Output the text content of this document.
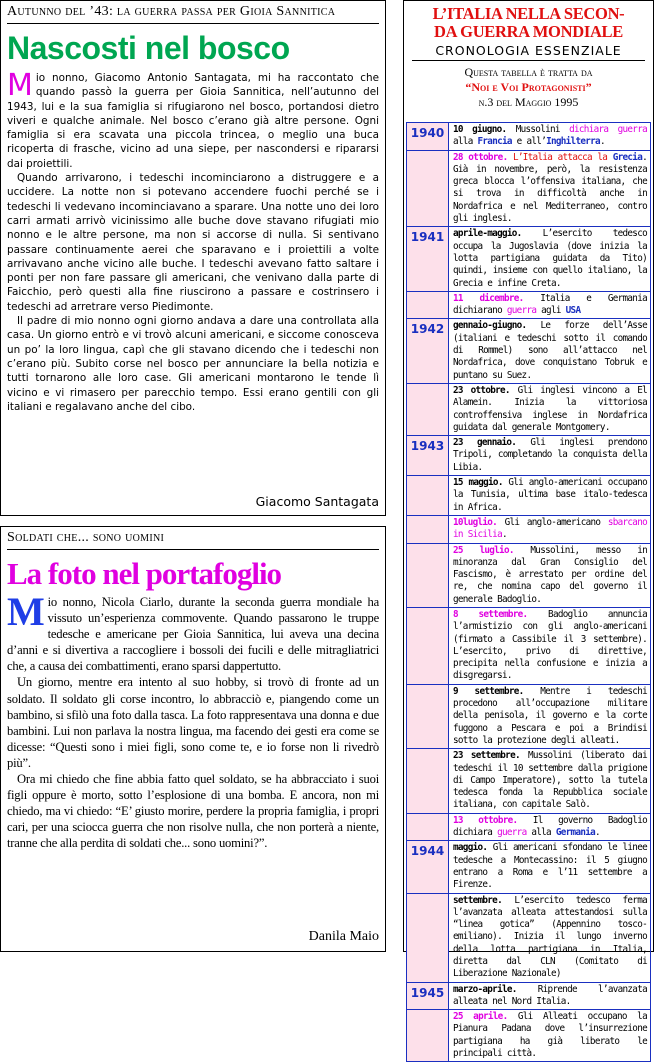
Autunno del ’43: la guerra passa per Gioia Sannitica
Nascosti nel bosco
M io nonno, Giacomo Antonio Santagata, mi ha raccontato che quando passò la guerra per Gioia Sannitica, nell’autunno del 1943, lui e la sua famiglia si rifugiarono nel bosco, portandosi dietro viveri e qualche animale. Nel bosco c’erano già altre persone. Ogni famiglia si era scavata una piccola trincea, o meglio una buca ricoperta di frasche, vicino ad una siepe, per nascondersi e ripararsi dai proiettili.

Quando arrivarono, i tedeschi incominciarono a distruggere e a uccidere. La notte non si potevano accendere fuochi perché se i tedeschi li vedevano incominciavano a sparare. Una notte uno dei loro carri armati arrivò vicinissimo alle buche dove stavano rifugiati mio nonno e le altre persone, ma non si accorse di nulla. Si sentivano passare continuamente aerei che sparavano e i proiettili a volte arrivavano anche vicino alle buche. I tedeschi avevano fatto saltare i ponti per non fare passare gli americani, che venivano dalla parte di Faicchio, però questi alla fine riuscirono a passare e costrinsero i tedeschi ad arretrare verso Piedimonte.

Il padre di mio nonno ogni giorno andava a dare una controllata alla casa. Un giorno entrò e vi trovò alcuni americani, e siccome conosceva un po’ la loro lingua, capì che gli stavano dicendo che i tedeschi non c’erano più. Subito corse nel bosco per annunciare la bella notizia e tutti tornarono alle loro case. Gli americani montarono le tende lì vicino e vi rimasero per parecchio tempo. Essi erano gentili con gli italiani e regalavano anche del cibo.

Giacomo Santagata
Soldati che... sono uomini
La foto nel portafoglio
M io nonno, Nicola Ciarlo, durante la seconda guerra mondiale ha vissuto un’esperienza commovente. Quando passarono le truppe tedesche e americane per Gioia Sannitica, lui aveva una decina d’anni e si divertiva a raccogliere i bossoli dei fucili e delle mitragliatrici che, a causa dei combattimenti, erano sparsi dappertutto.

Un giorno, mentre era intento al suo hobby, si trovò di fronte ad un soldato. Il soldato gli corse incontro, lo abbracciò e, piangendo come un bambino, si sfilò una foto dalla tasca. La foto rappresentava una donna e due bambini. Lui non parlava la nostra lingua, ma facendo dei gesti era come se dicesse: “Questi sono i miei figli, sono come te, e io forse non li rivedrò più”.

Ora mi chiedo che fine abbia fatto quel soldato, se ha abbracciato i suoi figli oppure è morto, sotto l’esplosione di una bomba. E ancora, non mi chiedo, ma vi chiedo: “E’ giusto morire, perdere la propria famiglia, i propri cari, per una sciocca guerra che non risolve nulla, che non porterà a niente, tranne che alla perdita di soldati che... sono uomini?”.

Danila Maio
L’ITALIA NELLA SECON-
DA GUERRA MONDIALE
CRONOLOGIA ESSENZIALE
Questa tabella è tratta da
“Noi e Voi Protagonisti”
n.3 del Maggio 1995
1940	10 giugno. Mussolini dichiara guerra alla Francia e all’Inghilterra.
	28 ottobre. L’Italia attacca la Grecia. Già in novembre, però, la resistenza greca blocca l’offensiva italiana, che si trova in difficoltà anche in Nordafrica e nel Mediterraneo, contro gli inglesi.
1941	aprile-maggio. L’esercito tedesco occupa la Jugoslavia (dove inizia la lotta partigiana guidata da Tito) quindi, insieme con quello italiano, la Grecia e infine Creta.
	11 dicembre. Italia e Germania dichiarano guerra agli USA
1942	gennaio-giugno. Le forze dell’Asse (italiani e tedeschi sotto il comando di Rommel) sono all’attacco nel Nordafrica, dove conquistano Tobruk e puntano su Suez.
	23 ottobre. Gli inglesi vincono a El Alamein. Inizia la vittoriosa controffensiva inglese in Nordafrica guidata dal generale Montgomery.
1943	23 gennaio. Gli inglesi prendono Tripoli, completando la conquista della Libia.
	15 maggio. Gli anglo-americani occupano la Tunisia, ultima base italo-tedesca in Africa.
	10luglio. Gli anglo-americano sbarcano in Sicilia.
	25 luglio. Mussolini, messo in minoranza dal Gran Consiglio del Fascismo, è arrestato per ordine del re, che nomina capo del governo il generale Badoglio.
	8 settembre. Badoglio annuncia l’armistizio con gli anglo-americani (firmato a Cassibile il 3 settembre). L’esercito, privo di direttive, precipita nella confusione e inizia a disgregarsi.
	9 settembre. Mentre i tedeschi procedono all’occupazione militare della penisola, il governo e la corte fuggono a Pescara e poi a Brindisi sotto la protezione degli alleati.
	23 settembre. Mussolini (liberato dai tedeschi il 10 settembre dalla prigione di Campo Imperatore), sotto la tutela tedesca fonda la Repubblica sociale italiana, con capitale Salò.
	13 ottobre. Il governo Badoglio dichiara guerra alla Germania.
1944	maggio. Gli americani sfondano le linee tedesche a Montecassino: il 5 giugno entrano a Roma e l’11 settembre a Firenze.
	settembre. L’esercito tedesco ferma l’avanzata alleata attestandosi sulla “linea gotica” (Appennino tosco-emiliano). Inizia il lungo inverno della lotta partigiana in Italia, diretta dal CLN (Comitato di Liberazione Nazionale)
1945	marzo-aprile. Riprende l’avanzata alleata nel Nord Italia.
	25 aprile. Gli Alleati occupano la Pianura Padana dove l’insurrezione partigiana ha già liberato le principali città.
